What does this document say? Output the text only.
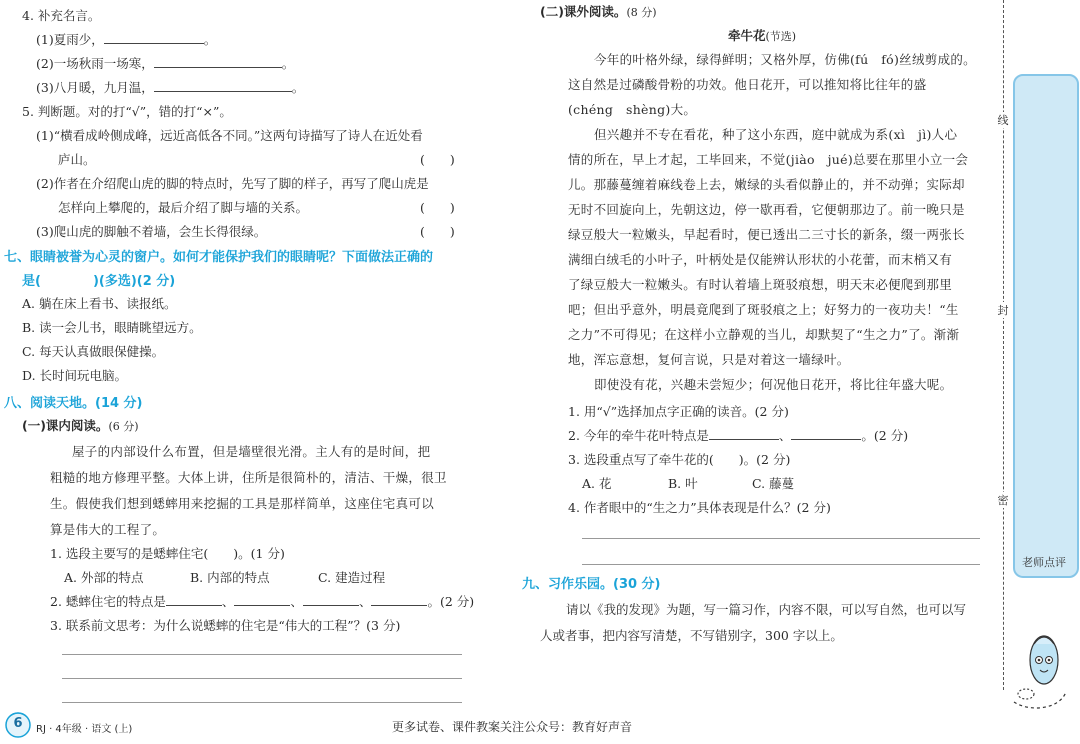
4. 补充名言。
(1)夏雨少，	。
(2)一场秋雨一场寒，	。
(3)八月暖，九月温，	。
5. 判断题。对的打“√”，错的打“×”。
(1)“横看成岭侧成峰，远近高低各不同。”这两句诗描写了诗人在近处看
庐山。	(　　)
(2)作者在介绍爬山虎的脚的特点时，先写了脚的样子，再写了爬山虎是
怎样向上攀爬的，最后介绍了脚与墙的关系。	(　　)
(3)爬山虎的脚触不着墙，会生长得很绿。	(　　)
七、眼睛被誉为心灵的窗户。如何才能保护我们的眼睛呢？下面做法正确的
是(　　　　)(多选)(2 分)
A. 躺在床上看书、读报纸。
B. 读一会儿书，眼睛眺望远方。
C. 每天认真做眼保健操。
D. 长时间玩电脑。
八、阅读天地。(14 分)
(一)课内阅读。(6 分)
屋子的内部设什么布置，但是墙壁很光滑。主人有的是时间，把
粗糙的地方修理平整。大体上讲，住所是很简朴的，清洁、干燥，很卫
生。假使我们想到蟋蟀用来挖掘的工具是那样简单，这座住宅真可以
算是伟大的工程了。
1. 选段主要写的是蟋蟀住宅(　　)。(1 分)
A. 外部的特点	B. 内部的特点	C. 建造过程
2. 蟋蟀住宅的特点是	、	、	、	。(2 分)
3. 联系前文思考：为什么说蟋蟀的住宅是“伟大的工程”？(3 分)
(二)课外阅读。(8 分)
牵牛花(节选)
今年的叶格外绿，绿得鲜明；又格外厚，仿佛(fú　fó)丝绒剪成的。
这自然是过磷酸骨粉的功效。他日花开，可以推知将比往年的盛
(chéng　shèng)大。
但兴趣并不专在看花，种了这小东西，庭中就成为系(xì　jì)人心
情的所在，早上才起，工毕回来，不觉(jiào　jué)总要在那里小立一会
儿。那藤蔓缠着麻线卷上去，嫩绿的头看似静止的，并不动弹；实际却
无时不回旋向上，先朝这边，停一歇再看，它便朝那边了。前一晚只是
绿豆般大一粒嫩头，早起看时，便已透出二三寸长的新条，缀一两张长
满细白绒毛的小叶子，叶柄处是仅能辨认形状的小花蕾，而末梢又有
了绿豆般大一粒嫩头。有时认着墙上斑驳痕想，明天末必便爬到那里
吧；但出乎意外，明晨竟爬到了斑驳痕之上；好努力的一夜功夫！“生
之力”不可得见；在这样小立静观的当儿，却默契了“生之力”了。渐渐
地，浑忘意想，复何言说，只是对着这一墙绿叶。
即使没有花，兴趣未尝短少；何况他日花开，将比往年盛大呢。
1. 用“√”选择加点字正确的读音。(2 分)
2. 今年的牵牛花叶特点是	、	。(2 分)
3. 选段重点写了牵牛花的(　　)。(2 分)
A. 花	B. 叶	C. 藤蔓
4. 作者眼中的“生之力”具体表现是什么？(2 分)
九、习作乐园。(30 分)
请以《我的发现》为题，写一篇习作，内容不限，可以写自然，也可以写
人或者事，把内容写清楚，不写错别字，300 字以上。
线
封
密
老师点评
6	RJ · 4年级 · 语文 (上)	更多试卷、课件教案关注公众号：教育好声音
